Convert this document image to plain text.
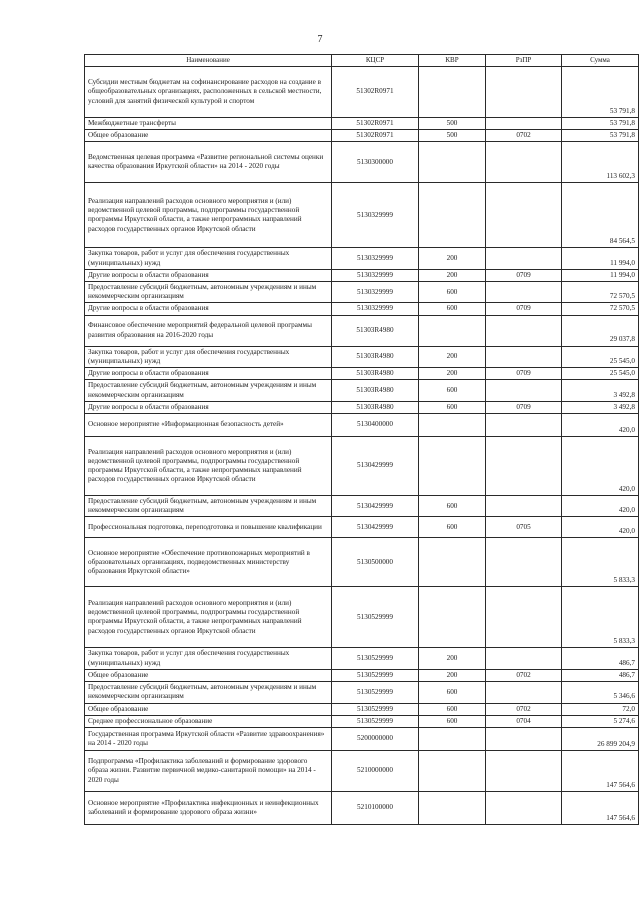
7
Наименование	КЦСР	КВР	РзПР	Сумма
Субсидии местным бюджетам на софинансирование расходов на создание в общеобразовательных организациях, расположенных в сельской местности, условий для занятий физической культурой и спортом	51302R0971			53 791,8
Межбюджетные трансферты	51302R0971	500		53 791,8
Общее образование	51302R0971	500	0702	53 791,8
Ведомственная целевая программа «Развитие региональной системы оценки качества образования Иркутской области» на 2014 - 2020 годы	5130300000			113 602,3
Реализация направлений расходов основного мероприятия и (или) ведомственной целевой программы, подпрограммы государственной программы Иркутской области, а также непрограммных направлений расходов государственных органов Иркутской области	5130329999			84 564,5
Закупка товаров, работ и услуг для обеспечения государственных (муниципальных) нужд	5130329999	200		11 994,0
Другие вопросы в области образования	5130329999	200	0709	11 994,0
Предоставление субсидий бюджетным, автономным учреждениям и иным некоммерческим организациям	5130329999	600		72 570,5
Другие вопросы в области образования	5130329999	600	0709	72 570,5
Финансовое обеспечение мероприятий федеральной целевой программы развития образования на 2016-2020 годы	51303R4980			29 037,8
Закупка товаров, работ и услуг для обеспечения государственных (муниципальных) нужд	51303R4980	200		25 545,0
Другие вопросы в области образования	51303R4980	200	0709	25 545,0
Предоставление субсидий бюджетным, автономным учреждениям и иным некоммерческим организациям	51303R4980	600		3 492,8
Другие вопросы в области образования	51303R4980	600	0709	3 492,8
Основное мероприятие «Информационная безопасность детей»	5130400000			420,0
Реализация направлений расходов основного мероприятия и (или) ведомственной целевой программы, подпрограммы государственной программы Иркутской области, а также непрограммных направлений расходов государственных органов Иркутской области	5130429999			420,0
Предоставление субсидий бюджетным, автономным учреждениям и иным некоммерческим организациям	5130429999	600		420,0
Профессиональная подготовка, переподготовка и повышение квалификации	5130429999	600	0705	420,0
Основное мероприятие «Обеспечение противопожарных мероприятий в образовательных организациях, подведомственных министерству образования Иркутской области»	5130500000			5 833,3
Реализация направлений расходов основного мероприятия и (или) ведомственной целевой программы, подпрограммы государственной программы Иркутской области, а также непрограммных направлений расходов государственных органов Иркутской области	5130529999			5 833,3
Закупка товаров, работ и услуг для обеспечения государственных (муниципальных) нужд	5130529999	200		486,7
Общее образование	5130529999	200	0702	486,7
Предоставление субсидий бюджетным, автономным учреждениям и иным некоммерческим организациям	5130529999	600		5 346,6
Общее образование	5130529999	600	0702	72,0
Среднее профессиональное образование	5130529999	600	0704	5 274,6
Государственная программа Иркутской области «Развитие здравоохранения» на 2014 - 2020 годы	5200000000			26 899 204,9
Подпрограмма «Профилактика заболеваний и формирование здорового образа жизни. Развитие первичной медико-санитарной помощи» на 2014 - 2020 годы	5210000000			147 564,6
Основное мероприятие «Профилактика инфекционных и неинфекционных заболеваний и формирование здорового образа жизни»	5210100000			147 564,6
